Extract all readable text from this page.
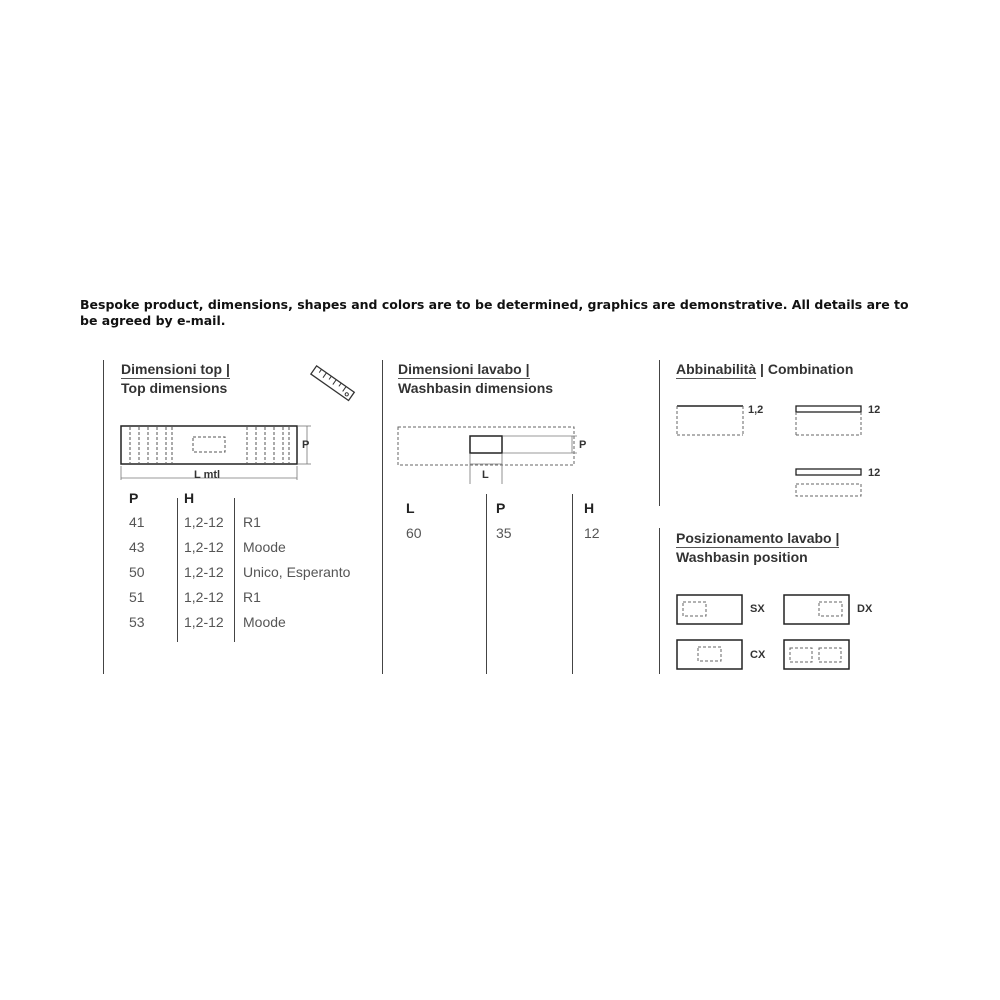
Bespoke product, dimensions, shapes and colors are to be determined, graphics are demonstrative. All details are to be agreed by e-mail.
Dimensioni top |
Top dimensions
P
L mtl
P	H
41	1,2-12 R1
43	1,2-12 Moode
50	1,2-12 Unico, Esperanto
51	1,2-12 R1
53	1,2-12 Moode
Dimensioni lavabo |
Washbasin dimensions
P
L
L	P	H
60	35	12
Abbinabilità | Combination
1,2	12
12
Posizionamento lavabo |
Washbasin position
SX	DX
CX
